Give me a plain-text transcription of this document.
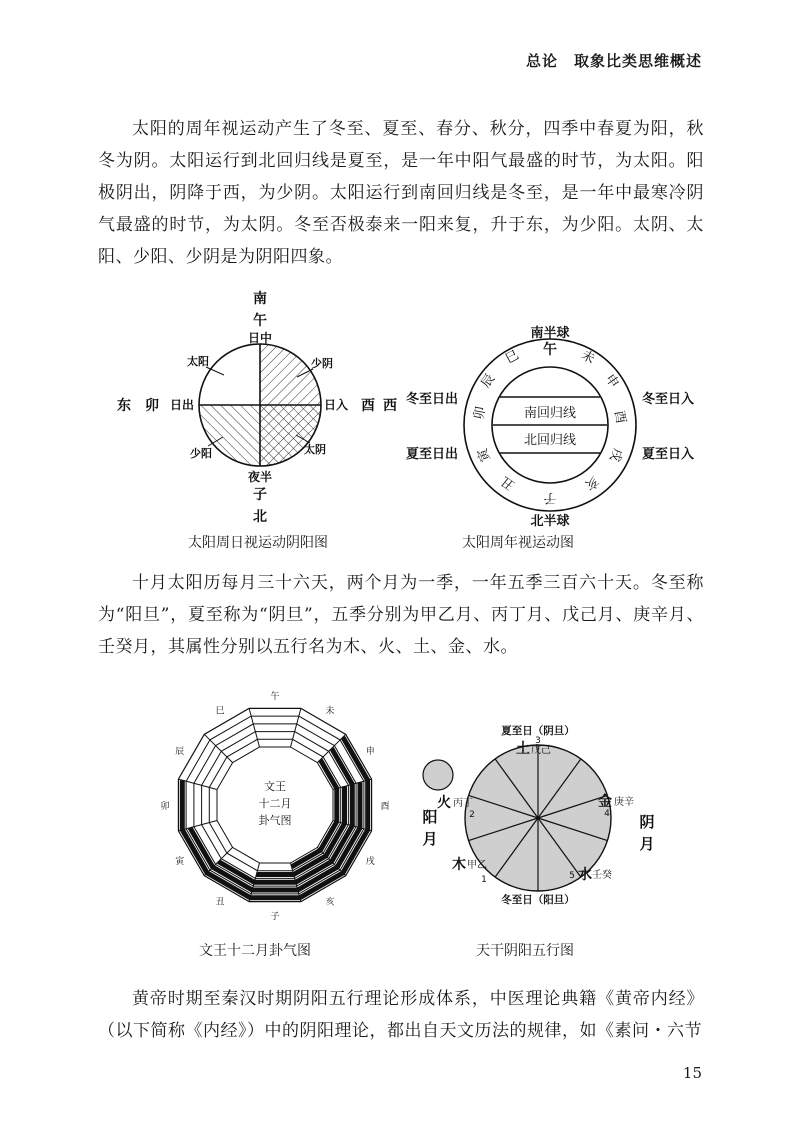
总论　取象比类思维概述

太阳的周年视运动产生了冬至、夏至、春分、秋分，四季中春夏为阳，秋冬为阴。太阳运行到北回归线是夏至，是一年中阳气最盛的时节，为太阳。阳极阴出，阴降于西，为少阴。太阳运行到南回归线是冬至，是一年中最寒冷阴气最盛的时节，为太阴。冬至否极泰来一阳来复，升于东，为少阳。太阴、太阳、少阳、少阴是为阴阳四象。

南
午
日中
东 卯 日出	日入 酉 西
夜半
子
北
太阳	少阴
少阳	太阴
太阳周日视运动阴阳图
南回归线
北回归线
南半球
北半球
冬至日出
夏至日出
冬至日入
夏至日入
卯
辰
巳 午 未
申
酉
寅
丑
子
亥
戌
太阳周年视运动图

十月太阳历每月三十六天，两个月为一季，一年五季三百六十天。冬至称为“阳旦”，夏至称为“阴旦”，五季分别为甲乙月、丙丁月、戊己月、庚辛月、壬癸月，其属性分别以五行名为木、火、土、金、水。

午
未
申
酉
戌
亥
子
丑
寅
卯
辰
巳
文王
十二月
卦气图
文王十二月卦气图
夏至日（阴旦）
冬至日（阳旦）
土 戊己
3
火 丙丁
2
金 庚辛
4
木 甲乙
1	水 壬癸
5
阳
月
阴
月
天干阴阳五行图

黄帝时期至秦汉时期阴阳五行理论形成体系，中医理论典籍《黄帝内经》（以下简称《内经》）中的阴阳理论，都出自天文历法的规律，如《素问・六节

15
